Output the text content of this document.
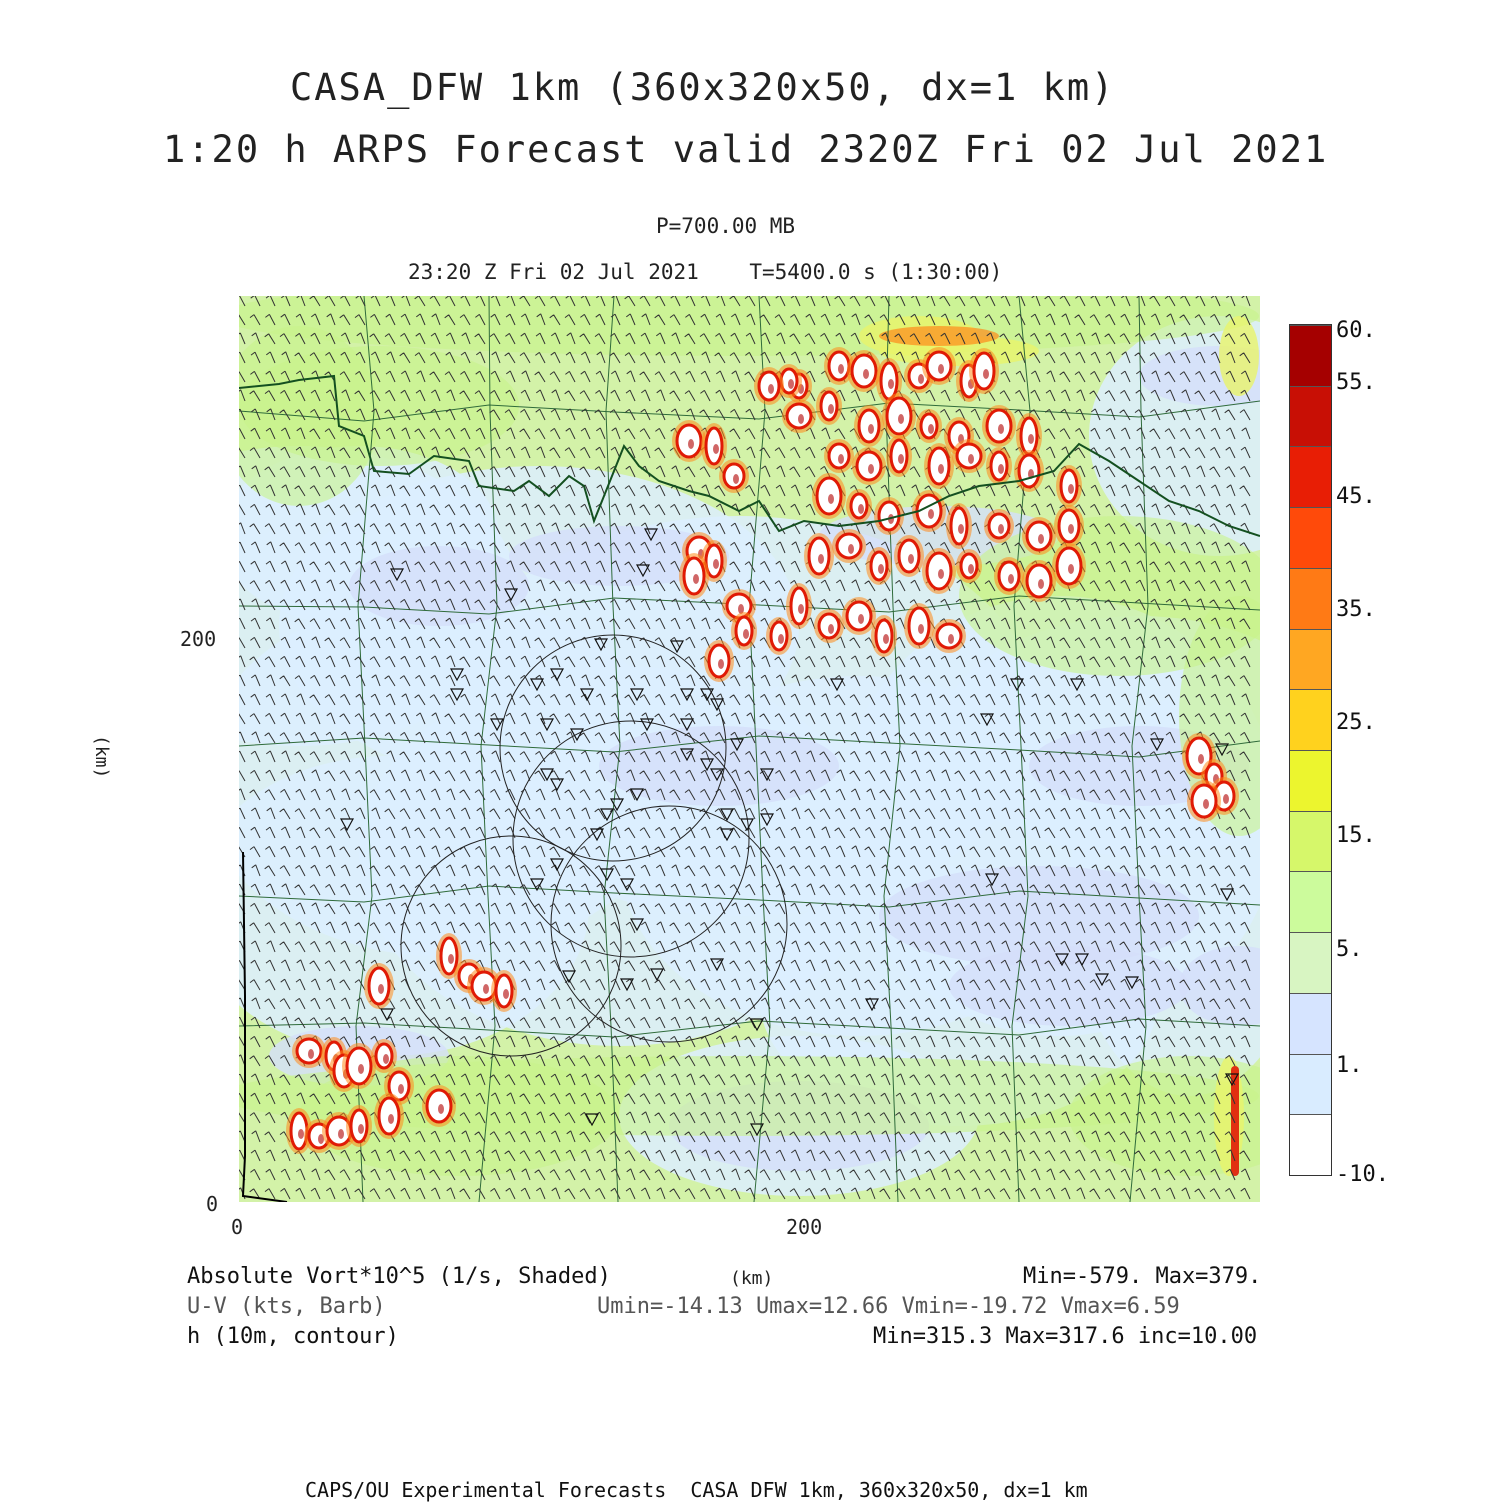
CASA_DFW 1km (360x320x50, dx=1 km)
1:20 h ARPS Forecast valid 2320Z Fri 02 Jul 2021
P=700.00 MB
23:20 Z Fri 02 Jul 2021    T=5400.0 s (1:30:00)
0	200
0
200
(km)
60.
55.
45.
35.
25.
15.
5.
1.
-10.
Absolute Vort*10^5 (1/s, Shaded)
U-V (kts, Barb)
h (10m, contour)
(km)	Min=-579. Max=379.
Umin=-14.13 Umax=12.66 Vmin=-19.72 Vmax=6.59
Min=315.3 Max=317.6 inc=10.00
CAPS/OU Experimental Forecasts  CASA DFW 1km, 360x320x50, dx=1 km
